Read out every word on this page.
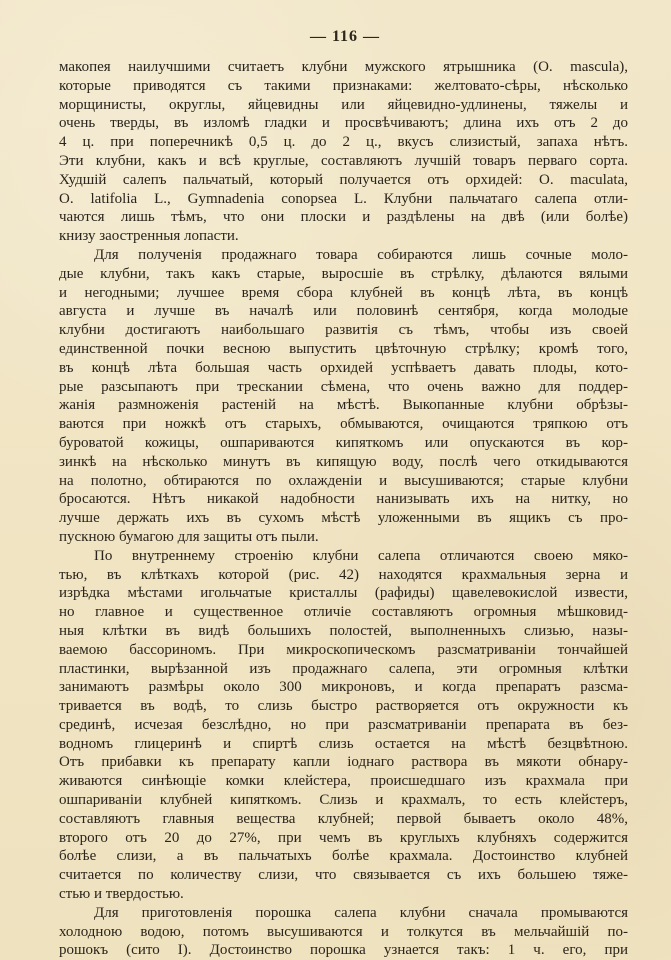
— 116 —
макопея наилучшими считаетъ клубни мужского ятрышника (O. mascula),
которые приводятся съ такими признаками: желтовато-сѣры, нѣсколько
морщинисты, округлы, яйцевидны или яйцевидно-удлинены, тяжелы и
очень тверды, въ изломѣ гладки и просвѣчиваютъ; длина ихъ отъ 2 до
4 ц. при поперечникѣ 0,5 ц. до 2 ц., вкусъ слизистый, запаха нѣтъ.
Эти клубни, какъ и всѣ круглые, составляютъ лучшій товаръ перваго сорта.
Худшій салепъ пальчатый, который получается отъ орхидей: O. maculata,
O. latifolia L., Gymnadenia conopsea L. Клубни пальчатаго салепа отли-
чаются лишь тѣмъ, что они плоски и раздѣлены на двѣ (или болѣе)
книзу заостренныя лопасти.
Для полученія продажнаго товара собираются лишь сочные моло-
дые клубни, такъ какъ старые, выросшіе въ стрѣлку, дѣлаются вялыми
и негодными; лучшее время сбора клубней въ концѣ лѣта, въ концѣ
августа и лучше въ началѣ или половинѣ сентября, когда молодые
клубни достигаютъ наибольшаго развитія съ тѣмъ, чтобы изъ своей
единственной почки весною выпустить цвѣточную стрѣлку; кромѣ того,
въ концѣ лѣта большая часть орхидей успѣваетъ давать плоды, кото-
рые разсыпаютъ при трескании сѣмена, что очень важно для поддер-
жанія размноженія растеній на мѣстѣ. Выкопанные клубни обрѣзы-
ваются при ножкѣ отъ старыхъ, обмываются, очищаются тряпкою отъ
буроватой кожицы, ошпариваются кипяткомъ или опускаются въ кор-
зинкѣ на нѣсколько минутъ въ кипящую воду, послѣ чего откидываются
на полотно, обтираются по охлажденіи и высушиваются; старые клубни
бросаются. Нѣтъ никакой надобности нанизывать ихъ на нитку, но
лучше держать ихъ въ сухомъ мѣстѣ уложенными въ ящикъ съ про-
пускною бумагою для защиты отъ пыли.
По внутреннему строенію клубни салепа отличаются своею мяко-
тью, въ клѣткахъ которой (рис. 42) находятся крахмальныя зерна и
изрѣдка мѣстами игольчатые кристаллы (рафиды) щавелевокислой извести,
но главное и существенное отличіе составляютъ огромныя мѣшковид-
ныя клѣтки въ видѣ большихъ полостей, выполненныхъ слизью, назы-
ваемою бассориномъ. При микроскопическомъ разсматриваніи тончайшей
пластинки, вырѣзанной изъ продажнаго салепа, эти огромныя клѣтки
занимаютъ размѣры около 300 микроновъ, и когда препаратъ разсма-
тривается въ водѣ, то слизь быстро растворяется отъ окружности къ
срединѣ, исчезая безслѣдно, но при разсматриваніи препарата въ без-
водномъ глицеринѣ и спиртѣ слизь остается на мѣстѣ безцвѣтною.
Отъ прибавки къ препарату капли іоднаго раствора въ мякоти обнару-
живаются синѣющіе комки клейстера, происшедшаго изъ крахмала при
ошпариваніи клубней кипяткомъ. Слизь и крахмалъ, то есть клейстеръ,
составляютъ главныя вещества клубней; первой бываетъ около 48%,
второго отъ 20 до 27%, при чемъ въ круглыхъ клубняхъ содержится
болѣе слизи, а въ пальчатыхъ болѣе крахмала. Достоинство клубней
считается по количеству слизи, что связывается съ ихъ большею тяже-
стью и твердостью.
Для приготовленія порошка салепа клубни сначала промываются
холодною водою, потомъ высушиваются и толкутся въ мельчайшій по-
рошокъ (сито I). Достоинство порошка узнается такъ: 1 ч. его, при
